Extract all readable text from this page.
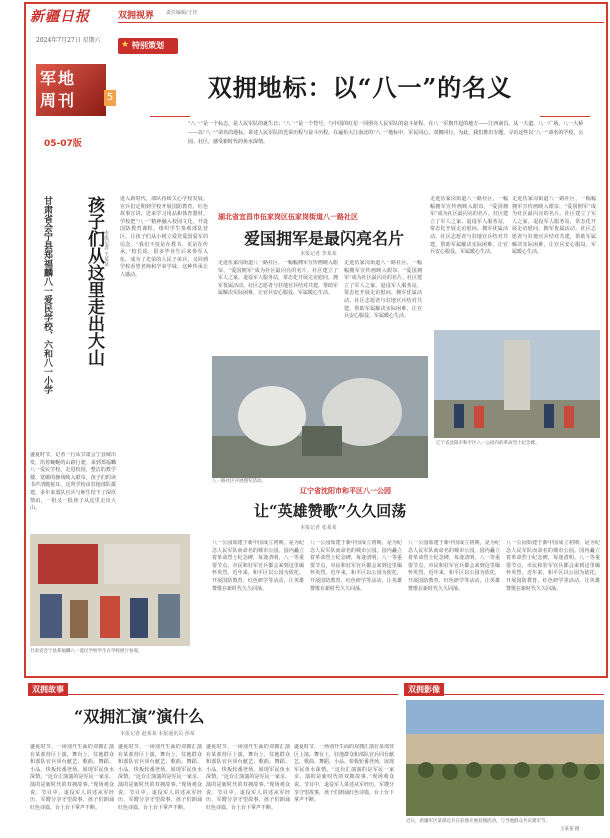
新疆日报
2024年7月27日 星期六
军地
周刊	5
05-07版
双拥视界 责任编辑/王钰
特别策划
★
双拥地标：以“八一”的名义
“八一”是一个标志，是人民军队的诞生日；“八一”是一个符号，与中国的红星一同照亮人民军队的奋斗征程。在八一军旗升起的地方——江西南昌、从一大道、八一广场、八一大桥——以“八一”命名的地标，讲述人民军队的光荣历程与奋斗历程。在遍布大江南北的“八一”地标中，军民同心、双拥同行。为此，我们推出专题，寻访这些以“八一”命名的学校、公园、社区，感受新时代的鱼水深情。
孩子们从这里走出大山
甘肃省会宁县郑福麟八一爱民学校、六和八一小学	本报记者 王某某
盛夏时节，记者一行从甘肃会宁县城出发，沿着蜿蜒的山路行驶，来到郑福麟八一爱民学校。走进校园，整洁的教学楼、宽敞的操场映入眼帘，孩子们的读书声清脆悦耳。这所学校由驻地部队援建，多年来部队官兵与师生结下了深厚情谊，一批又一批孩子从这里走出大山。
进入新时代，部队持续关心学校发展，官兵们定期到学校开展国防教育、红色故事宣讲，送来学习用品和体育器材。学校把“八一”精神融入校园文化，开设国防教育课程，组织学生参观部队营区，让孩子们从小树立爱党爱国爱军的信念。“我们不仅是在教书，更是在传承。”校长说，很多毕业生后来参军入伍，成为了光荣的人民子弟兵，又回到学校看望老师和学弟学妹，这种传承让人感动。
甘肃省会宁县郑福麟八一爱民学校学生在学校展厅参观。
湖北省宜昌市伍家岗区伍家岗街道八一路社区
爱国拥军是最闪亮名片
本报记者 李某某
走进伍家岗街道八一路社区，一幅幅拥军宣传画映入眼帘，“爱国拥军”成为社区最闪亮的名片。社区建立了军人之家、退役军人服务站，常态化开展走访慰问、拥军优属活动。社区志愿者与驻地官兵结对共建，帮助军属解决实际困难，让官兵安心服役、军属暖心生活。
走进伍家岗街道八一路社区，一幅幅拥军宣传画映入眼帘，“爱国拥军”成为社区最闪亮的名片。社区建立了军人之家、退役军人服务站，常态化开展走访慰问、拥军优属活动。社区志愿者与驻地官兵结对共建，帮助军属解决实际困难，让官兵安心服役、军属暖心生活。
走进伍家岗街道八一路社区，一幅幅拥军宣传画映入眼帘，“爱国拥军”成为社区最闪亮的名片。社区建立了军人之家、退役军人服务站，常态化开展走访慰问、拥军优属活动。社区志愿者与驻地官兵结对共建，帮助军属解决实际困难，让官兵安心服役、军属暖心生活。
走进伍家岗街道八一路社区，一幅幅拥军宣传画映入眼帘，“爱国拥军”成为社区最闪亮的名片。社区建立了军人之家、退役军人服务站，常态化开展走访慰问、拥军优属活动。社区志愿者与驻地官兵结对共建，帮助军属解决实际困难，让官兵安心服役、军属暖心生活。
八一路社区开展拥军活动。
辽宁省沈阳市和平区八一公园内的革命烈士纪念碑。
辽宁省沈阳市和平区八一公园
让“英雄赞歌”久久回荡
本报记者 张某某
八一公园始建于新中国成立初期，是为纪念人民军队而命名的城市公园。园内矗立着革命烈士纪念碑，每逢清明、八一等重要节点，市民和驻军官兵都会来到这里缅怀英烈。近年来，和平区以公园为依托，开展国防教育、红色研学等活动，让英雄赞歌在新时代久久回荡。
八一公园始建于新中国成立初期，是为纪念人民军队而命名的城市公园。园内矗立着革命烈士纪念碑，每逢清明、八一等重要节点，市民和驻军官兵都会来到这里缅怀英烈。近年来，和平区以公园为依托，开展国防教育、红色研学等活动，让英雄赞歌在新时代久久回荡。
八一公园始建于新中国成立初期，是为纪念人民军队而命名的城市公园。园内矗立着革命烈士纪念碑，每逢清明、八一等重要节点，市民和驻军官兵都会来到这里缅怀英烈。近年来，和平区以公园为依托，开展国防教育、红色研学等活动，让英雄赞歌在新时代久久回荡。
八一公园始建于新中国成立初期，是为纪念人民军队而命名的城市公园。园内矗立着革命烈士纪念碑，每逢清明、八一等重要节点，市民和驻军官兵都会来到这里缅怀英烈。近年来，和平区以公园为依托，开展国防教育、红色研学等活动，让英雄赞歌在新时代久久回荡。
双拥故事
“双拥汇演”演什么
本报记者 赵某某 本报通讯员 孙某
盛夏时节，一场别开生面的双拥汇演在某部营区上演。舞台上，驻地群众和部队官兵同台献艺，歌曲、舞蹈、小品、快板轮番登场，展现军民鱼水深情。“这台汇演演的是军民一家亲，演的是新时代的双拥故事。”现场观众说。节目中，退役军人讲述从军经历，军嫂分享守望故事，孩子们朗诵红色诗篇，台上台下掌声不断。
盛夏时节，一场别开生面的双拥汇演在某部营区上演。舞台上，驻地群众和部队官兵同台献艺，歌曲、舞蹈、小品、快板轮番登场，展现军民鱼水深情。“这台汇演演的是军民一家亲，演的是新时代的双拥故事。”现场观众说。节目中，退役军人讲述从军经历，军嫂分享守望故事，孩子们朗诵红色诗篇，台上台下掌声不断。
盛夏时节，一场别开生面的双拥汇演在某部营区上演。舞台上，驻地群众和部队官兵同台献艺，歌曲、舞蹈、小品、快板轮番登场，展现军民鱼水深情。“这台汇演演的是军民一家亲，演的是新时代的双拥故事。”现场观众说。节目中，退役军人讲述从军经历，军嫂分享守望故事，孩子们朗诵红色诗篇，台上台下掌声不断。
盛夏时节，一场别开生面的双拥汇演在某部营区上演。舞台上，驻地群众和部队官兵同台献艺，歌曲、舞蹈、小品、快板轮番登场，展现军民鱼水深情。“这台汇演演的是军民一家亲，演的是新时代的双拥故事。”现场观众说。节目中，退役军人讲述从军经历，军嫂分享守望故事，孩子们朗诵红色诗篇，台上台下掌声不断。
双拥影像
近日，新疆军区某部官兵在驻地开展双拥活动，与当地群众共庆建军节。
王某某 摄
